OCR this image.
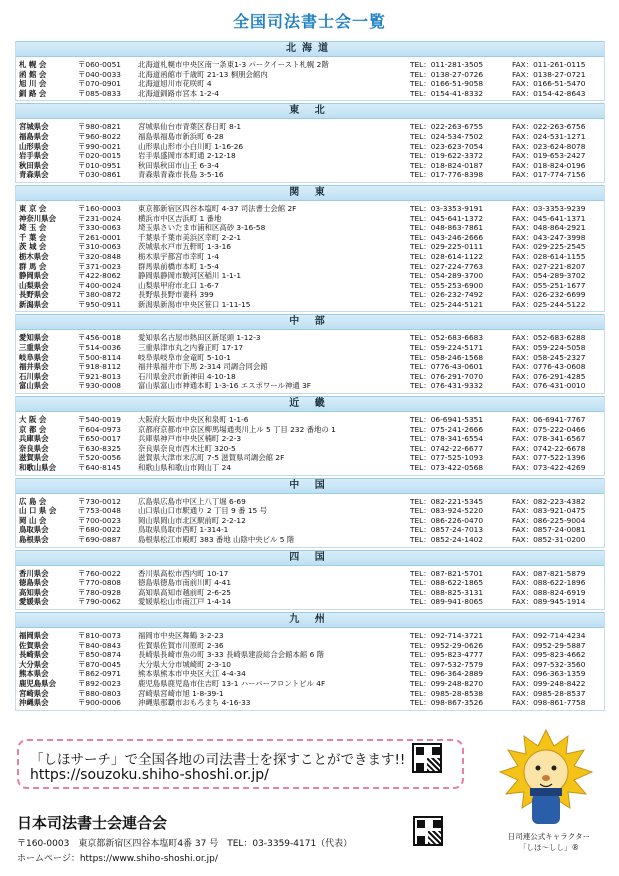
全国司法書士会一覧
北海道
札 幌 会	〒060-0051 北海道札幌市中央区南一条東1-3 パークイースト札幌 2階	TEL：011-281-3505	FAX：011-261-0115
函 館 会	〒040-0033 北海道函館市千歳町 21-13 桐朋会館内	TEL：0138-27-0726	FAX：0138-27-0721
旭 川 会	〒070-0901 北海道旭川市花咲町 4	TEL：0166-51-9058	FAX：0166-51-5470
釧 路 会	〒085-0833 北海道釧路市宮本 1-2-4	TEL：0154-41-8332	FAX：0154-42-8643
東 北
宮城県会	〒980-0821 宮城県仙台市青葉区春日町 8-1	TEL：022-263-6755	FAX：022-263-6756
福島県会	〒960-8022 福島県福島市新浜町 6-28	TEL：024-534-7502	FAX：024-531-1271
山形県会	〒990-0021 山形県山形市小白川町 1-16-26	TEL：023-623-7054	FAX：023-624-8078
岩手県会	〒020-0015 岩手県盛岡市本町通 2-12-18	TEL：019-622-3372	FAX：019-653-2427
秋田県会	〒010-0951 秋田県秋田市山王 6-3-4	TEL：018-824-0187	FAX：018-824-0196
青森県会	〒030-0861 青森県青森市長島 3-5-16	TEL：017-776-8398	FAX：017-774-7156
関 東
東 京 会	〒160-0003 東京都新宿区四谷本塩町 4-37 司法書士会館 2F	TEL：03-3353-9191	FAX：03-3353-9239
神奈川県会	〒231-0024 横浜市中区吉浜町 1 番地	TEL：045-641-1372	FAX：045-641-1371
埼 玉 会	〒330-0063 埼玉県さいたま市浦和区高砂 3-16-58	TEL：048-863-7861	FAX：048-864-2921
千 葉 会	〒261-0001 千葉県千葉市美浜区幸町 2-2-1	TEL：043-246-2666	FAX：043-247-3998
茨 城 会	〒310-0063 茨城県水戸市五軒町 1-3-16	TEL：029-225-0111	FAX：029-225-2545
栃木県会	〒320-0848 栃木県宇都宮市幸町 1-4	TEL：028-614-1122	FAX：028-614-1155
群 馬 会	〒371-0023 群馬県前橋市本町 1-5-4	TEL：027-224-7763	FAX：027-221-8207
静岡県会	〒422-8062 静岡県静岡市駿河区稲川 1-1-1	TEL：054-289-3700	FAX：054-289-3702
山梨県会	〒400-0024 山梨県甲府市北口 1-6-7	TEL：055-253-6900	FAX：055-251-1677
長野県会	〒380-0872 長野県長野市妻科 399	TEL：026-232-7492	FAX：026-232-6699
新潟県会	〒950-0911 新潟県新潟市中央区笹口 1-11-15	TEL：025-244-5121	FAX：025-244-5122
中 部
愛知県会	〒456-0018 愛知県名古屋市熱田区新尾頭 1-12-3	TEL：052-683-6683	FAX：052-683-6288
三重県会	〒514-0036 三重県津市丸之内養正町 17-17	TEL：059-224-5171	FAX：059-224-5058
岐阜県会	〒500-8114 岐阜県岐阜市金竜町 5-10-1	TEL：058-246-1568	FAX：058-245-2327
福井県会	〒918-8112 福井県福井市下馬 2-314 司調合同会館	TEL：0776-43-0601	FAX：0776-43-0608
石川県会	〒921-8013 石川県金沢市新神田 4-10-18	TEL：076-291-7070	FAX：076-291-4285
富山県会	〒930-0008 富山県富山市神通本町 1-3-16 エスポワール神通 3F	TEL：076-431-9332	FAX：076-431-0010
近 畿
大 阪 会	〒540-0019 大阪府大阪市中央区和泉町 1-1-6	TEL：06-6941-5351	FAX：06-6941-7767
京 都 会	〒604-0973 京都府京都市中京区柳馬場通夷川上ル 5 丁目 232 番地の 1	TEL：075-241-2666	FAX：075-222-0466
兵庫県会	〒650-0017 兵庫県神戸市中央区楠町 2-2-3	TEL：078-341-6554	FAX：078-341-6567
奈良県会	〒630-8325 奈良県奈良市西木辻町 320-5	TEL：0742-22-6677	FAX：0742-22-6678
滋賀県会	〒520-0056 滋賀県大津市末広町 7-5 滋賀県司調会館 2F	TEL：077-525-1093	FAX：077-522-1396
和歌山県会	〒640-8145 和歌山県和歌山市岡山丁 24	TEL：073-422-0568	FAX：073-422-4269
中 国
広 島 会	〒730-0012 広島県広島市中区上八丁堀 6-69	TEL：082-221-5345	FAX：082-223-4382
山 口 県 会	〒753-0048 山口県山口市駅通り 2 丁目 9 番 15 号	TEL：083-924-5220	FAX：083-921-0475
岡 山 会	〒700-0023 岡山県岡山市北区駅前町 2-2-12	TEL：086-226-0470	FAX：086-225-9004
鳥取県会	〒680-0022 鳥取県鳥取市西町 1-314-1	TEL：0857-24-7013	FAX：0857-24-0081
島根県会	〒690-0887 島根県松江市殿町 383 番地 山陰中央ビル 5 階	TEL：0852-24-1402	FAX：0852-31-0200
四 国
香川県会	〒760-0022 香川県高松市西内町 10-17	TEL：087-821-5701	FAX：087-821-5879
徳島県会	〒770-0808 徳島県徳島市南前川町 4-41	TEL：088-622-1865	FAX：088-622-1896
高知県会	〒780-0928 高知県高知市越前町 2-6-25	TEL：088-825-3131	FAX：088-824-6919
愛媛県会	〒790-0062 愛媛県松山市南江戸 1-4-14	TEL：089-941-8065	FAX：089-945-1914
九 州
福岡県会	〒810-0073 福岡市中央区舞鶴 3-2-23	TEL：092-714-3721	FAX：092-714-4234
佐賀県会	〒840-0843 佐賀県佐賀市川原町 2-36	TEL：0952-29-0626	FAX：0952-29-5887
長崎県会	〒850-0874 長崎県長崎市魚の町 3-33 長崎県建設総合会館本館 6 階	TEL：095-823-4777	FAX：095-823-4662
大分県会	〒870-0045 大分県大分市城崎町 2-3-10	TEL：097-532-7579	FAX：097-532-3560
熊本県会	〒862-0971 熊本県熊本市中央区大江 4-4-34	TEL：096-364-2889	FAX：096-363-1359
鹿児島県会	〒892-0023 鹿児島県鹿児島市住吉町 13-1 ハーバーフロントビル 4F	TEL：099-248-8270	FAX：099-248-8422
宮崎県会	〒880-0803 宮崎県宮崎市旭 1-8-39-1	TEL：0985-28-8538	FAX：0985-28-8537
沖縄県会	〒900-0006 沖縄県那覇市おもろまち 4-16-33	TEL：098-867-3526	FAX：098-861-7758
「しほサーチ」で全国各地の司法書士を探すことができます!!
https://souzoku.shiho-shoshi.or.jp/
日本司法書士会連合会
〒160-0003　東京都新宿区四谷本塩町4番 37 号　TEL：03-3359-4171（代表）
ホームページ：https://www.shiho-shoshi.or.jp/
日司連公式キャラクター
「しほ～しし」®
